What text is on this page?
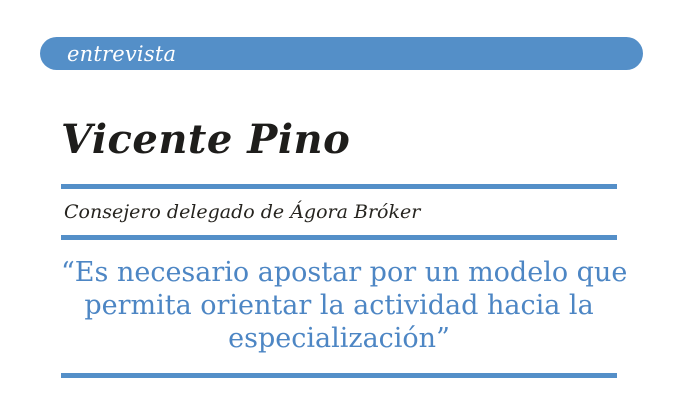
entrevista
Vicente Pino

Consejero delegado de Ágora Bróker

“Es necesario apostar por un modelo que
permita orientar la actividad hacia la
especialización”
